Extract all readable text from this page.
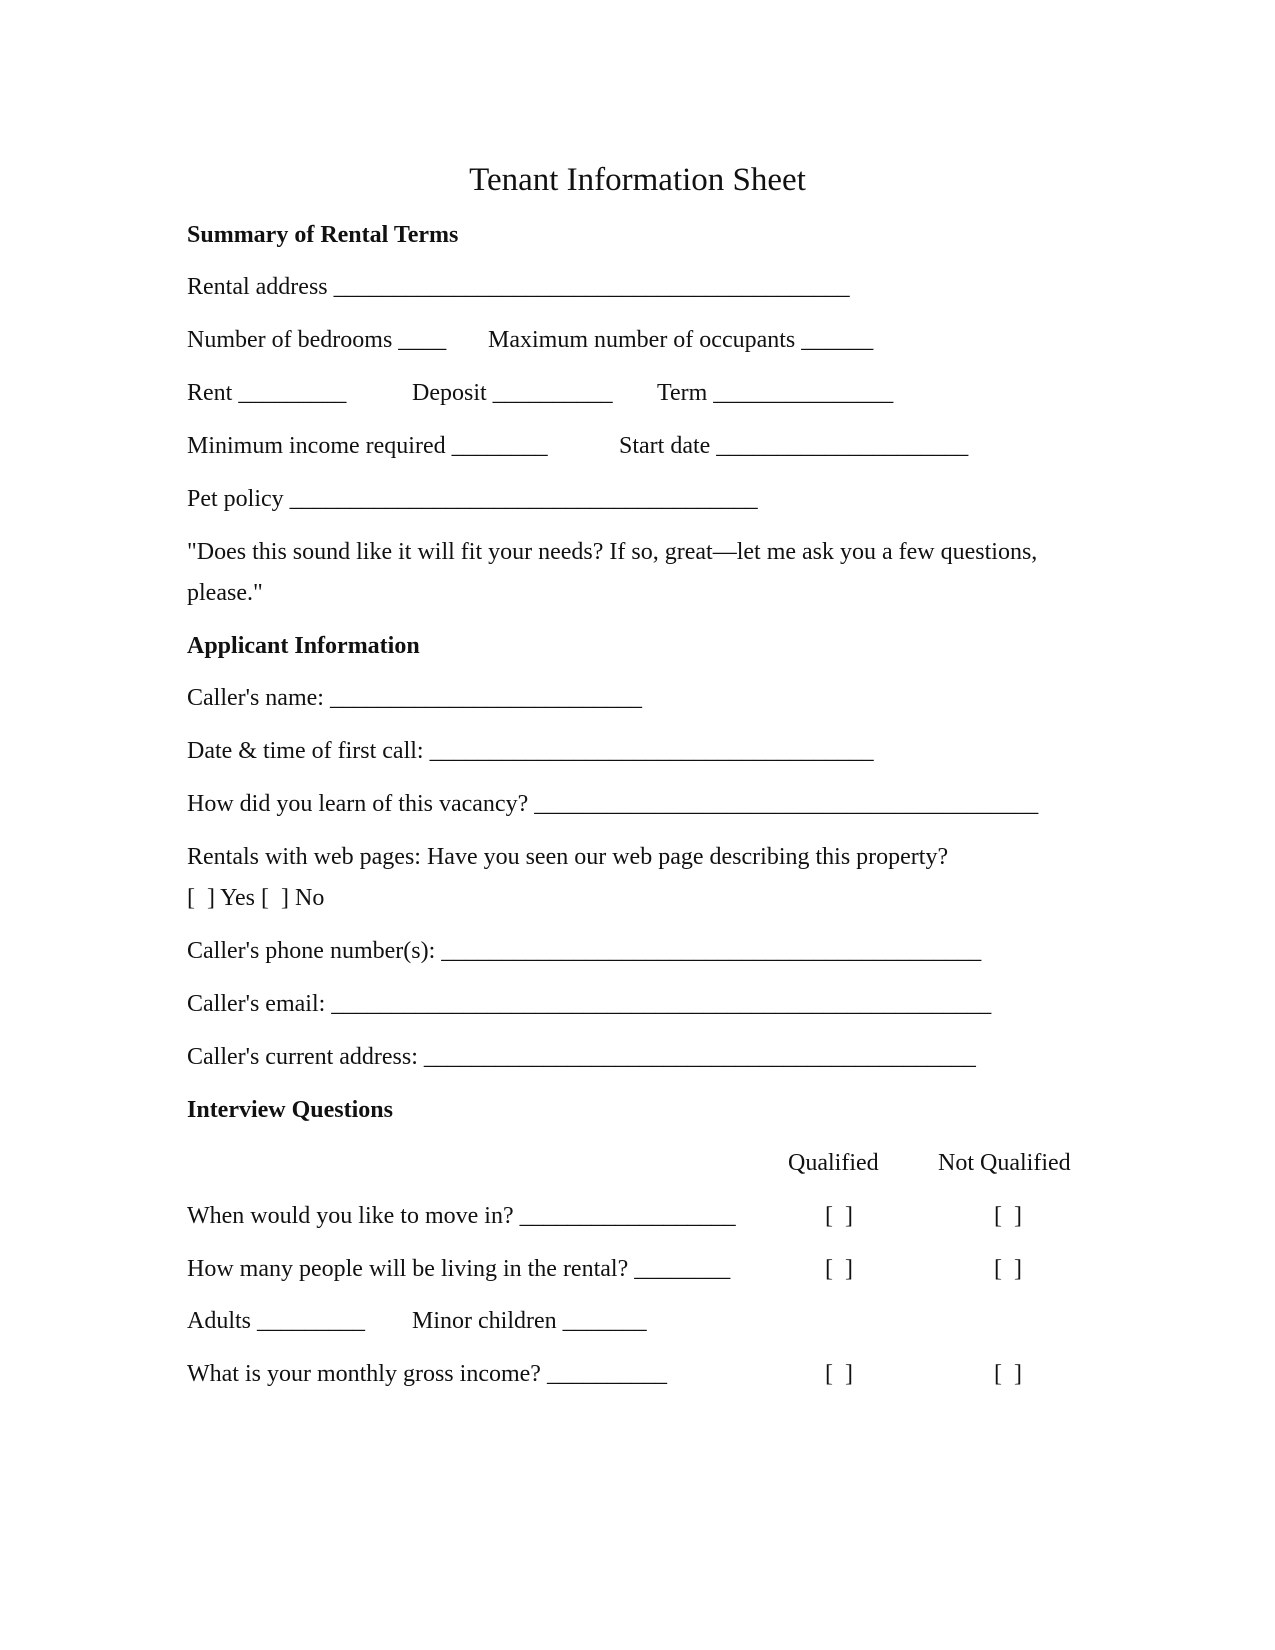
Tenant Information Sheet
Summary of Rental Terms
Rental address ___________________________________________
Number of bedrooms ____ Maximum number of occupants ______
Rent _________	Deposit __________ Term _______________
Minimum income required ________	Start date _____________________
Pet policy _______________________________________
"Does this sound like it will fit your needs? If so, great—let me ask you a few questions,
please."
Applicant Information
Caller's name: __________________________
Date & time of first call: _____________________________________
How did you learn of this vacancy? __________________________________________
Rentals with web pages: Have you seen our web page describing this property?
[  ] Yes [  ] No
Caller's phone number(s): _____________________________________________
Caller's email: _______________________________________________________
Caller's current address: ______________________________________________
Interview Questions
Qualified Not Qualified
When would you like to move in? __________________	[  ]	[  ]
How many people will be living in the rental? ________	[  ]	[  ]
Adults _________ Minor children _______
What is your monthly gross income? __________	[  ]	[  ]
